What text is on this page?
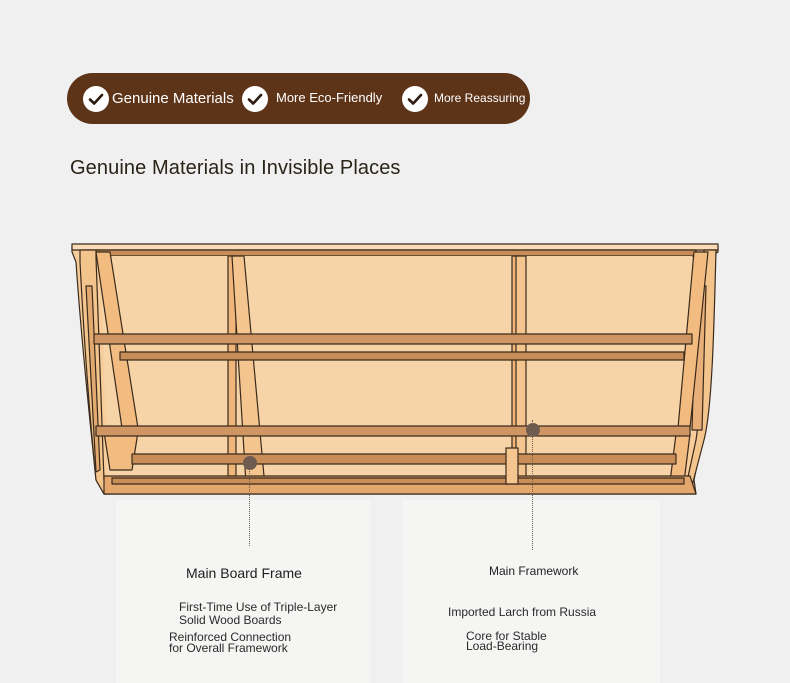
Genuine Materials	More Eco-Friendly	More Reassuring
Genuine Materials in Invisible Places
Main Board Frame
First-Time Use of Triple-Layer
Solid Wood Boards
Reinforced Connection
for Overall Framework
Main Framework
Imported Larch from Russia
Core for Stable
Load-Bearing
